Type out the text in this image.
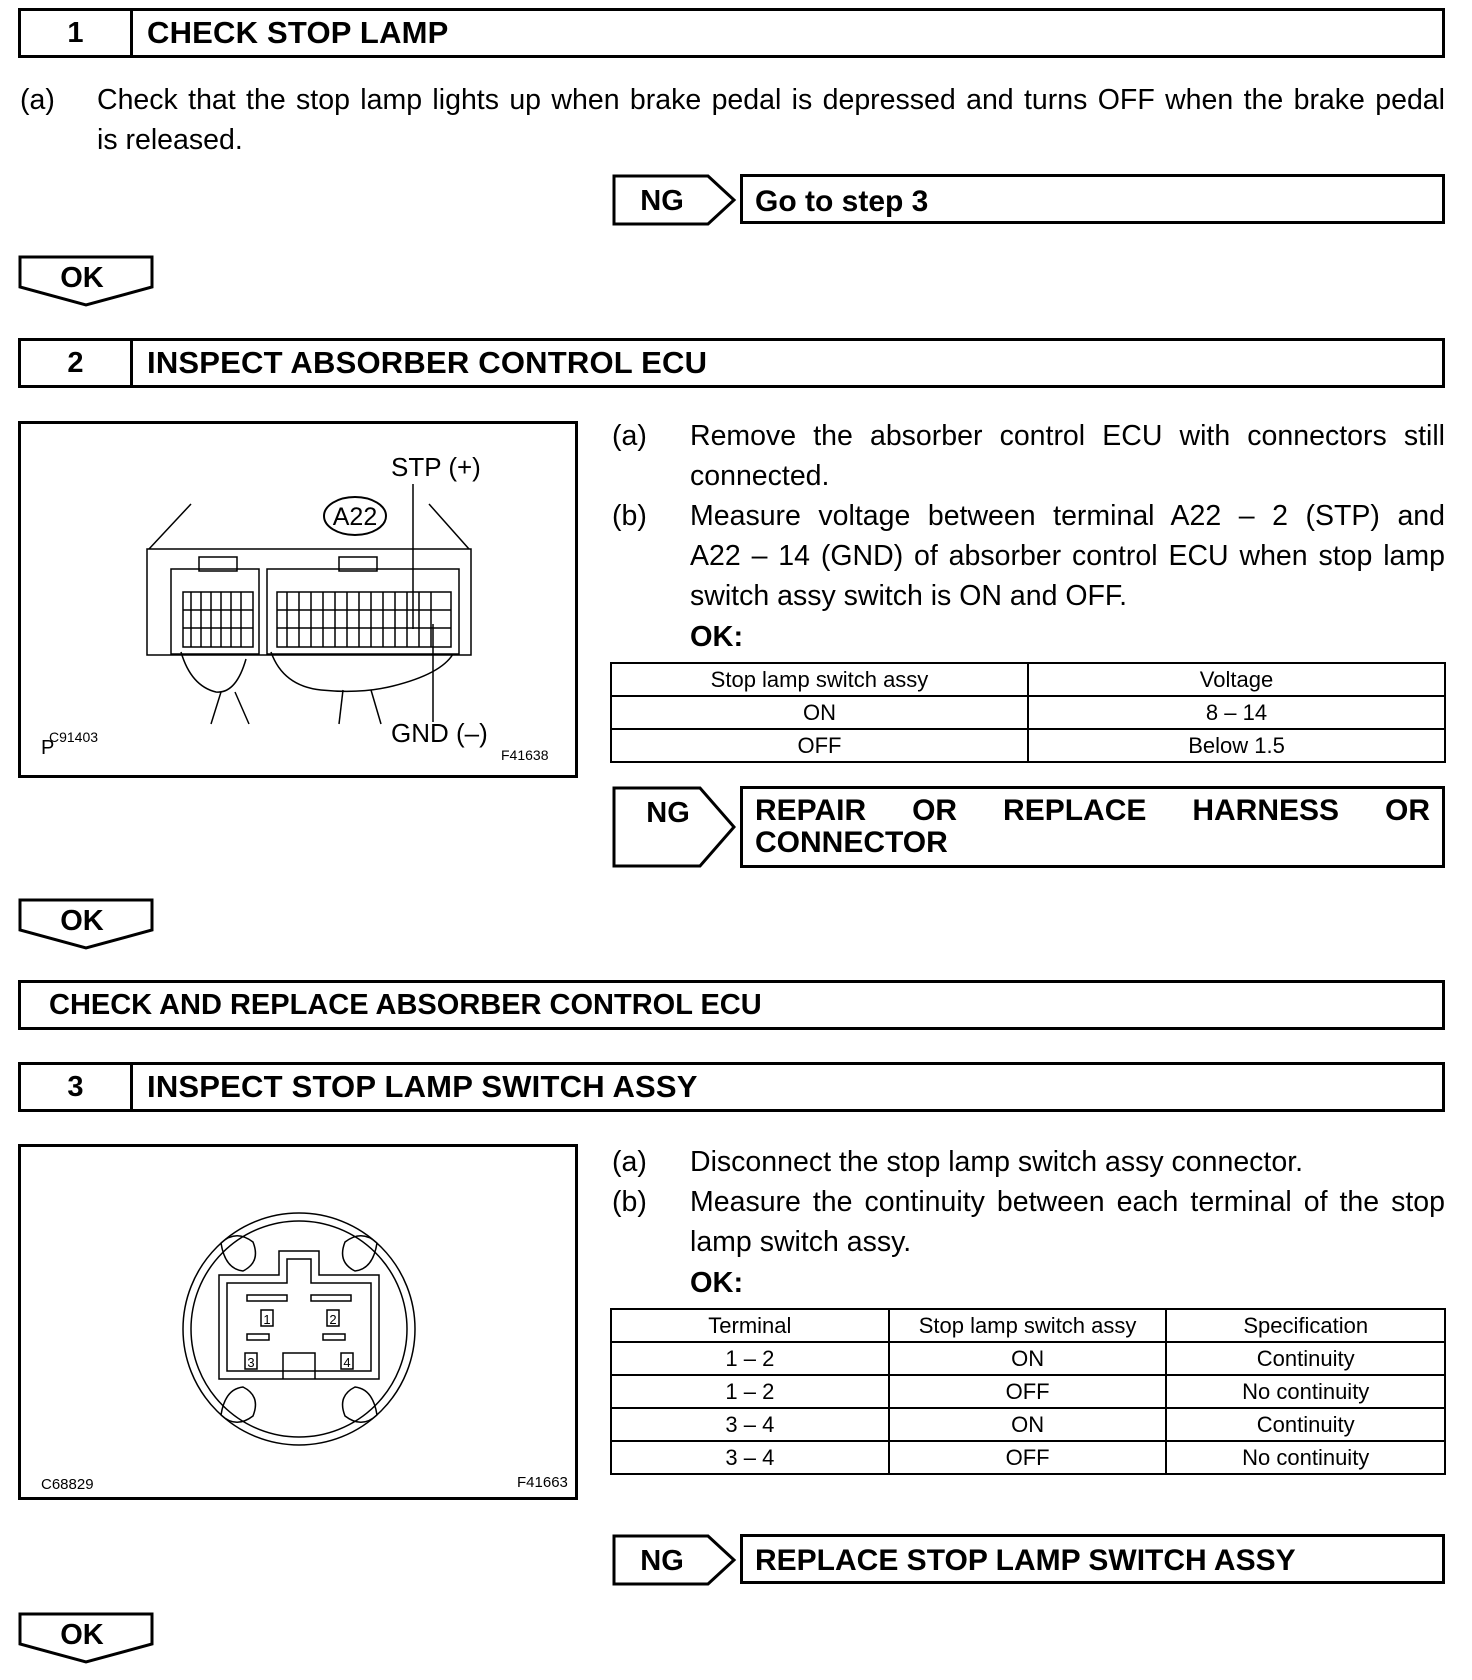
1	CHECK STOP LAMP
(a)	Check that the stop lamp lights up when brake pedal is depressed and turns OFF when the brake pedal
is released.
NG	Go to step 3
OK
2	INSPECT ABSORBER CONTROL ECU
A22
STP (+)
GND (–)
P
C91403
F41638
(a)	Remove the absorber control ECU with connectors still
connected.
(b)	Measure voltage between terminal A22 – 2 (STP) and
A22 – 14 (GND) of absorber control ECU when stop lamp
switch assy switch is ON and OFF.
OK:
Stop lamp switch assy	Voltage
ON	8 – 14
OFF	Below 1.5
NG REPAIR OR REPLACE HARNESS OR
CONNECTOR
OK
CHECK AND REPLACE ABSORBER CONTROL ECU
3	INSPECT STOP LAMP SWITCH ASSY
1	2
3	4
C68829	F41663
(a)	Disconnect the stop lamp switch assy connector.
(b)	Measure the continuity between each terminal of the stop
lamp switch assy.
OK:
Terminal	Stop lamp switch assy	Specification
1 – 2	ON	Continuity
1 – 2	OFF	No continuity
3 – 4	ON	Continuity
3 – 4	OFF	No continuity
NG	REPLACE STOP LAMP SWITCH ASSY
OK
